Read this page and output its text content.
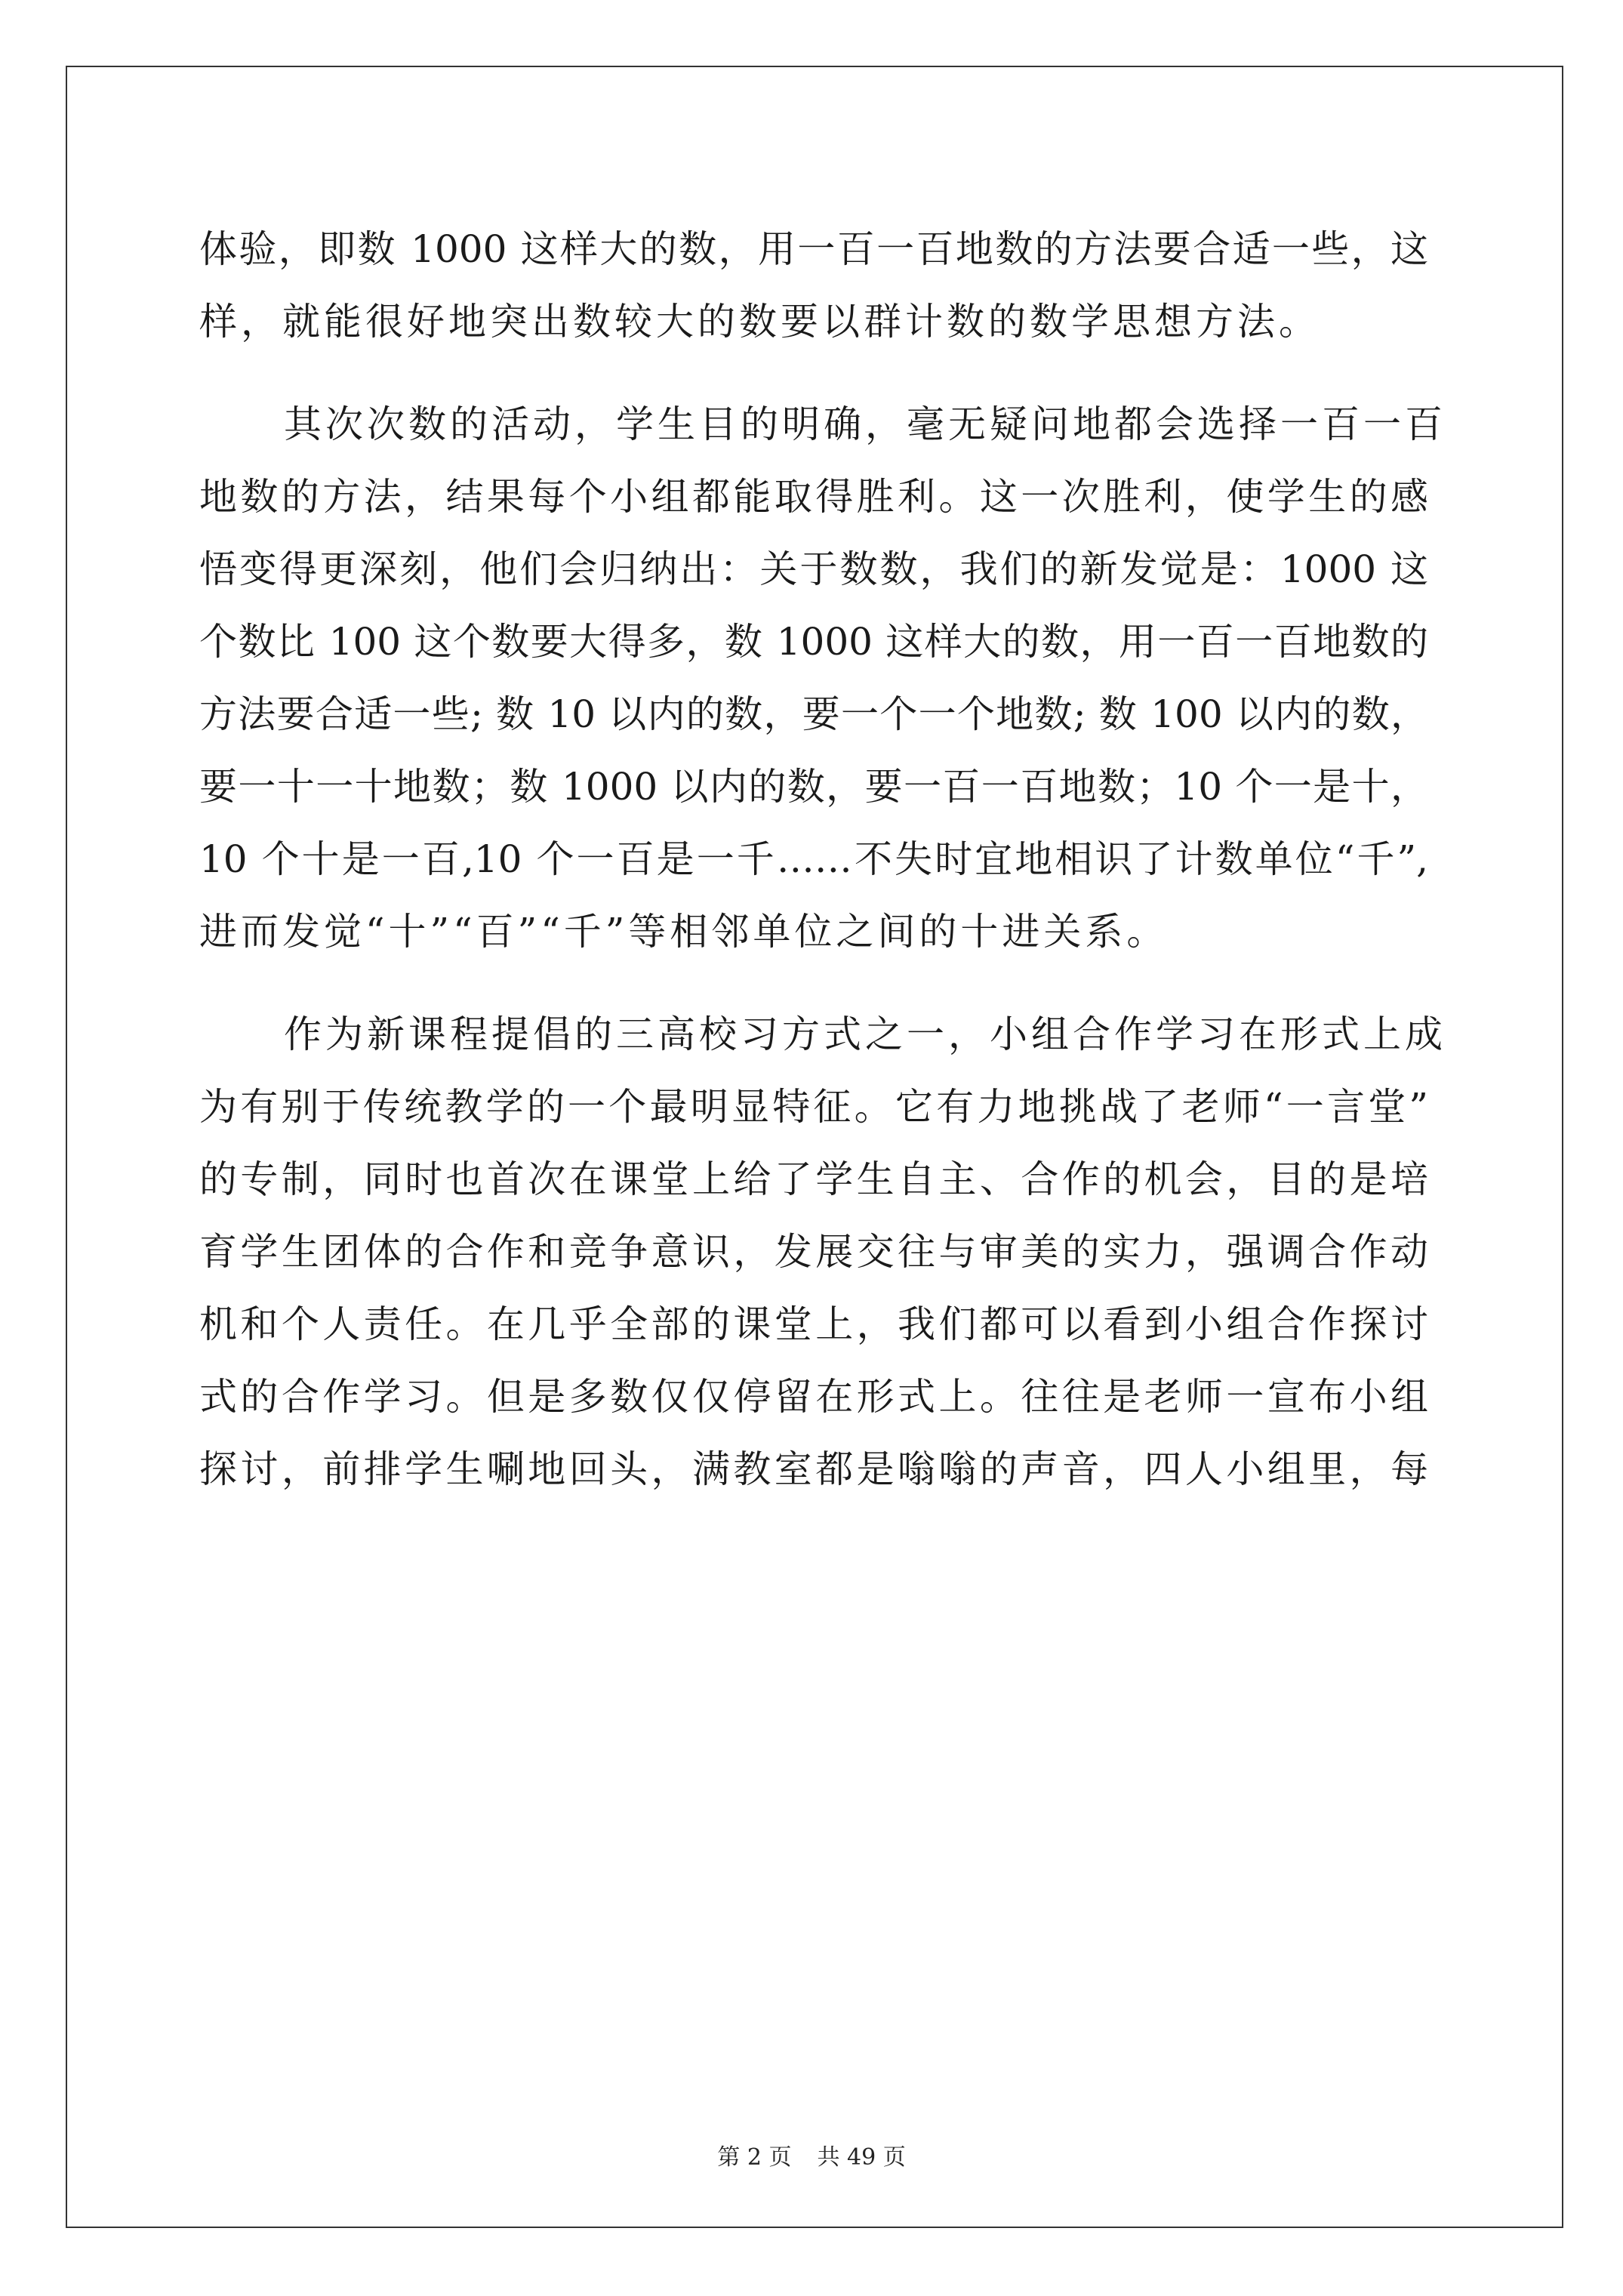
体验，即数 1000 这样大的数，用一百一百地数的方法要合适一些，这
样，就能很好地突出数较大的数要以群计数的数学思想方法。
其次次数的活动，学生目的明确，毫无疑问地都会选择一百一百
地数的方法，结果每个小组都能取得胜利。这一次胜利，使学生的感
悟变得更深刻，他们会归纳出：关于数数，我们的新发觉是：1000 这
个数比 100 这个数要大得多，数 1000 这样大的数，用一百一百地数的
方法要合适一些; 数 10 以内的数，要一个一个地数; 数 100 以内的数，
要一十一十地数；数 1000 以内的数，要一百一百地数；10 个一是十，
10 个十是一百,10 个一百是一千……不失时宜地相识了计数单位“千”,
进而发觉“十”“百”“千”等相邻单位之间的十进关系。
作为新课程提倡的三高校习方式之一，小组合作学习在形式上成
为有别于传统教学的一个最明显特征。它有力地挑战了老师“一言堂”
的专制，同时也首次在课堂上给了学生自主、合作的机会，目的是培
育学生团体的合作和竞争意识，发展交往与审美的实力，强调合作动
机和个人责任。在几乎全部的课堂上，我们都可以看到小组合作探讨
式的合作学习。但是多数仅仅停留在形式上。往往是老师一宣布小组
探讨，前排学生唰地回头，满教室都是嗡嗡的声音，四人小组里，每
第 2 页 共 49 页
